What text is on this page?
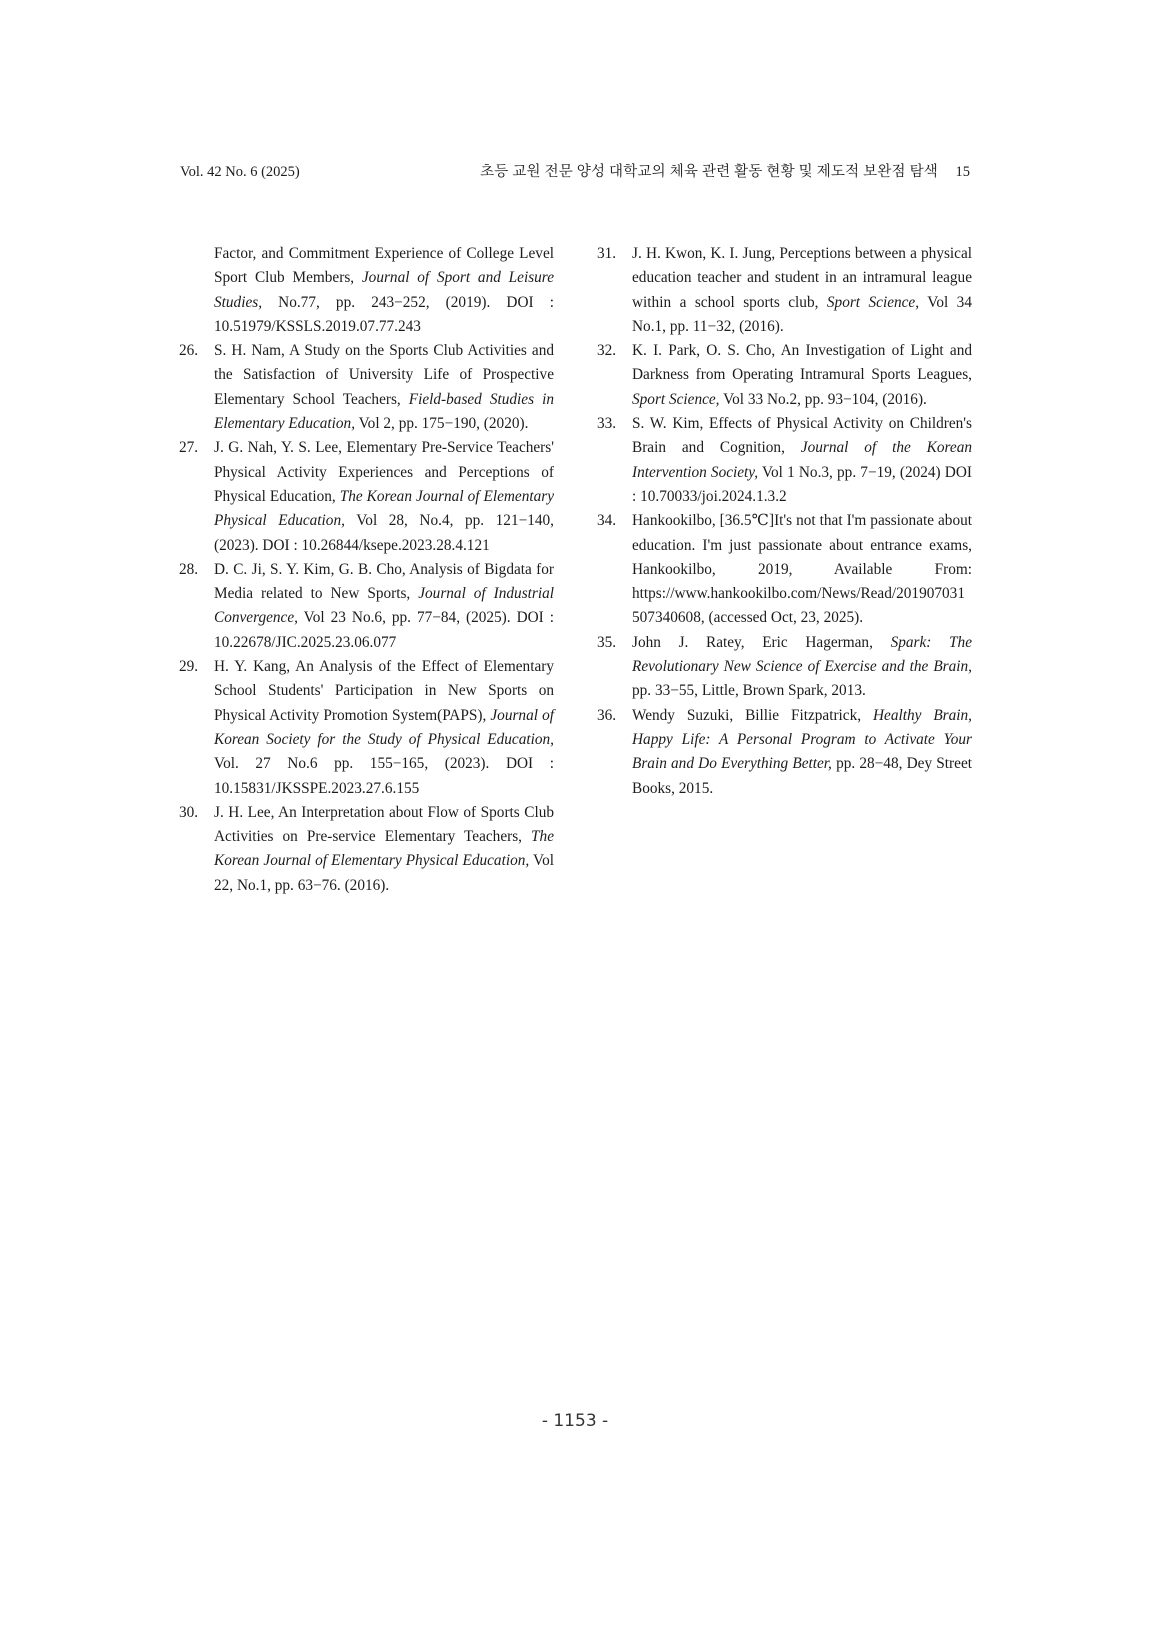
Vol. 42 No. 6 (2025)	초등 교원 전문 양성 대학교의 체육 관련 활동 현황 및 제도적 보완점 탐색 15
Factor, and Commitment Experience of College Level Sport Club Members, Journal of Sport and Leisure Studies, No.77, pp. 243−252, (2019). DOI : 10.51979/KSSLS.2019.07.77.243
26. S. H. Nam, A Study on the Sports Club Activities and the Satisfaction of University Life of Prospective Elementary School Teachers, Field-based Studies in Elementary Education, Vol 2, pp. 175−190, (2020).
27. J. G. Nah, Y. S. Lee, Elementary Pre-Service Teachers' Physical Activity Experiences and Perceptions of Physical Education, The Korean Journal of Elementary Physical Education, Vol 28, No.4, pp. 121−140, (2023). DOI : 10.26844/ksepe.2023.28.4.121
28. D. C. Ji, S. Y. Kim, G. B. Cho, Analysis of Bigdata for Media related to New Sports, Journal of Industrial Convergence, Vol 23 No.6, pp. 77−84, (2025). DOI : 10.22678/JIC.2025.23.06.077
29. H. Y. Kang, An Analysis of the Effect of Elementary School Students' Participation in New Sports on Physical Activity Promotion System(PAPS), Journal of Korean Society for the Study of Physical Education, Vol. 27 No.6 pp. 155−165, (2023). DOI : 10.15831/JKSSPE.2023.27.6.155
30. J. H. Lee, An Interpretation about Flow of Sports Club Activities on Pre-service Elementary Teachers, The Korean Journal of Elementary Physical Education, Vol 22, No.1, pp. 63−76. (2016).
31. J. H. Kwon, K. I. Jung, Perceptions between a physical education teacher and student in an intramural league within a school sports club, Sport Science, Vol 34 No.1, pp. 11−32, (2016).
32. K. I. Park, O. S. Cho, An Investigation of Light and Darkness from Operating Intramural Sports Leagues, Sport Science, Vol 33 No.2, pp. 93−104, (2016).
33. S. W. Kim, Effects of Physical Activity on Children's Brain and Cognition, Journal of the Korean Intervention Society, Vol 1 No.3, pp. 7−19, (2024) DOI : 10.70033/joi.2024.1.3.2
34. Hankookilbo, [36.5℃]It's not that I'm passionate about education. I'm just passionate about entrance exams, Hankookilbo, 2019, Available From: https://www.hankookilbo.com/News/Read/201907031507340608, (accessed Oct, 23, 2025).
35. John J. Ratey, Eric Hagerman, Spark: The Revolutionary New Science of Exercise and the Brain, pp. 33−55, Little, Brown Spark, 2013.
36. Wendy Suzuki, Billie Fitzpatrick, Healthy Brain, Happy Life: A Personal Program to Activate Your Brain and Do Everything Better, pp. 28−48, Dey Street Books, 2015.
- 1153 -
